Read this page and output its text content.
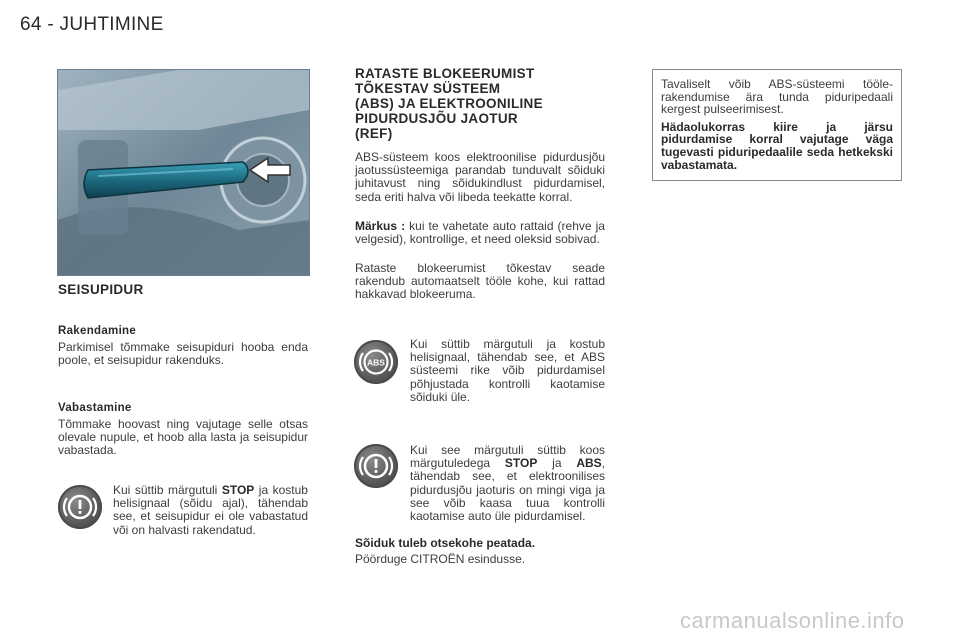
64 - JUHTIMINE
SEISUPIDUR
Rakendamine

Parkimisel tõmmake seisupiduri hooba enda poole, et seisupidur rakenduks.

Vabastamine

Tõmmake hoovast ning vajutage selle otsas olevale nupule, et hoob alla lasta ja seisupidur vabastada.

Kui süttib märgutuli STOP ja kostub helisignaal (sõidu ajal), tähendab see, et seisupidur ei ole vabastatud või on halvasti rakendatud.

RATASTE BLOKEERUMIST
TÕKESTAV SÜSTEEM
(ABS) JA ELEKTROONILINE
PIDURDUSJÕU JAOTUR
(REF)

ABS-süsteem koos elektroonilise pidurdusjõu jaotussüsteemiga parandab tunduvalt sõiduki juhitavust ning sõidukindlust pidurdamisel, seda eriti halva või libeda teekatte korral.

Märkus : kui te vahetate auto rattaid (rehve ja velgesid), kontrollige, et need oleksid sobivad.

Rataste blokeerumist tõkestav seade rakendub automaatselt tööle kohe, kui rattad hakkavad blokeeruma.

ABS

Kui süttib märgutuli ja kostub helisignaal, tähendab see, et ABS süsteemi rike võib pidurdamisel põhjustada kontrolli kaotamise sõiduki üle.

Kui see märgutuli süttib koos märgutuledega STOP ja ABS, tähendab see, et elektroonilises pidurdusjõu jaoturis on mingi viga ja see võib kaasa tuua kontrolli kaotamise auto üle pidurdamisel.

Sõiduk tuleb otsekohe peatada.

Pöörduge CITROËN esindusse.

Tavaliselt võib ABS-süsteemi tööle-rakendumise ära tunda piduripedaali kergest pulseerimisest.

Hädaolukorras kiire ja järsu pidurdamise korral vajutage väga tugevasti piduripedaalile seda hetkekski vabastamata.

carmanualsonline.info
